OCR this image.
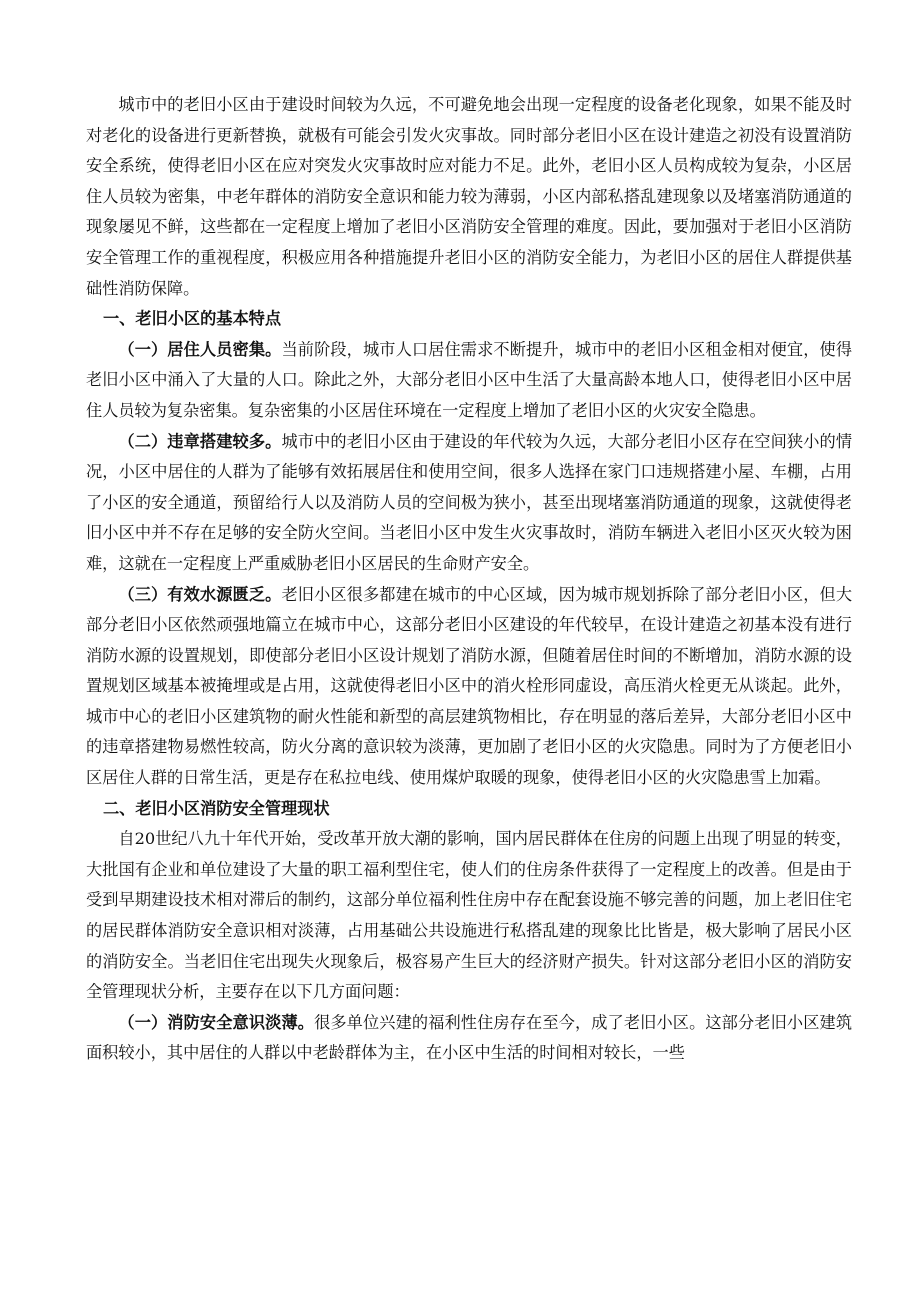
城市中的老旧小区由于建设时间较为久远，不可避免地会出现一定程度的设备老化现象，如果不能及时对老化的设备进行更新替换，就极有可能会引发火灾事故。同时部分老旧小区在设计建造之初没有设置消防安全系统，使得老旧小区在应对突发火灾事故时应对能力不足。此外，老旧小区人员构成较为复杂，小区居住人员较为密集，中老年群体的消防安全意识和能力较为薄弱，小区内部私搭乱建现象以及堵塞消防通道的现象屡见不鲜，这些都在一定程度上增加了老旧小区消防安全管理的难度。因此，要加强对于老旧小区消防安全管理工作的重视程度，积极应用各种措施提升老旧小区的消防安全能力，为老旧小区的居住人群提供基础性消防保障。

一、老旧小区的基本特点

（一）居住人员密集。当前阶段，城市人口居住需求不断提升，城市中的老旧小区租金相对便宜，使得老旧小区中涌入了大量的人口。除此之外，大部分老旧小区中生活了大量高龄本地人口，使得老旧小区中居住人员较为复杂密集。复杂密集的小区居住环境在一定程度上增加了老旧小区的火灾安全隐患。

（二）违章搭建较多。城市中的老旧小区由于建设的年代较为久远，大部分老旧小区存在空间狭小的情况，小区中居住的人群为了能够有效拓展居住和使用空间，很多人选择在家门口违规搭建小屋、车棚，占用了小区的安全通道，预留给行人以及消防人员的空间极为狭小，甚至出现堵塞消防通道的现象，这就使得老旧小区中并不存在足够的安全防火空间。当老旧小区中发生火灾事故时，消防车辆进入老旧小区灭火较为困难，这就在一定程度上严重威胁老旧小区居民的生命财产安全。

（三）有效水源匮乏。老旧小区很多都建在城市的中心区域，因为城市规划拆除了部分老旧小区，但大部分老旧小区依然顽强地篇立在城市中心，这部分老旧小区建设的年代较早，在设计建造之初基本没有进行消防水源的设置规划，即使部分老旧小区设计规划了消防水源，但随着居住时间的不断增加，消防水源的设置规划区域基本被掩埋或是占用，这就使得老旧小区中的消火栓形同虚设，高压消火栓更无从谈起。此外，城市中心的老旧小区建筑物的耐火性能和新型的高层建筑物相比，存在明显的落后差异，大部分老旧小区中的违章搭建物易燃性较高，防火分离的意识较为淡薄，更加剧了老旧小区的火灾隐患。同时为了方便老旧小区居住人群的日常生活，更是存在私拉电线、使用煤炉取暖的现象，使得老旧小区的火灾隐患雪上加霜。

二、老旧小区消防安全管理现状

自20世纪八九十年代开始，受改革开放大潮的影响，国内居民群体在住房的问题上出现了明显的转变，大批国有企业和单位建设了大量的职工福利型住宅，使人们的住房条件获得了一定程度上的改善。但是由于受到早期建设技术相对滞后的制约，这部分单位福利性住房中存在配套设施不够完善的问题，加上老旧住宅的居民群体消防安全意识相对淡薄，占用基础公共设施进行私搭乱建的现象比比皆是，极大影响了居民小区的消防安全。当老旧住宅出现失火现象后，极容易产生巨大的经济财产损失。针对这部分老旧小区的消防安全管理现状分析，主要存在以下几方面问题：

（一）消防安全意识淡薄。很多单位兴建的福利性住房存在至今，成了老旧小区。这部分老旧小区建筑面积较小，其中居住的人群以中老龄群体为主，在小区中生活的时间相对较长，一些
